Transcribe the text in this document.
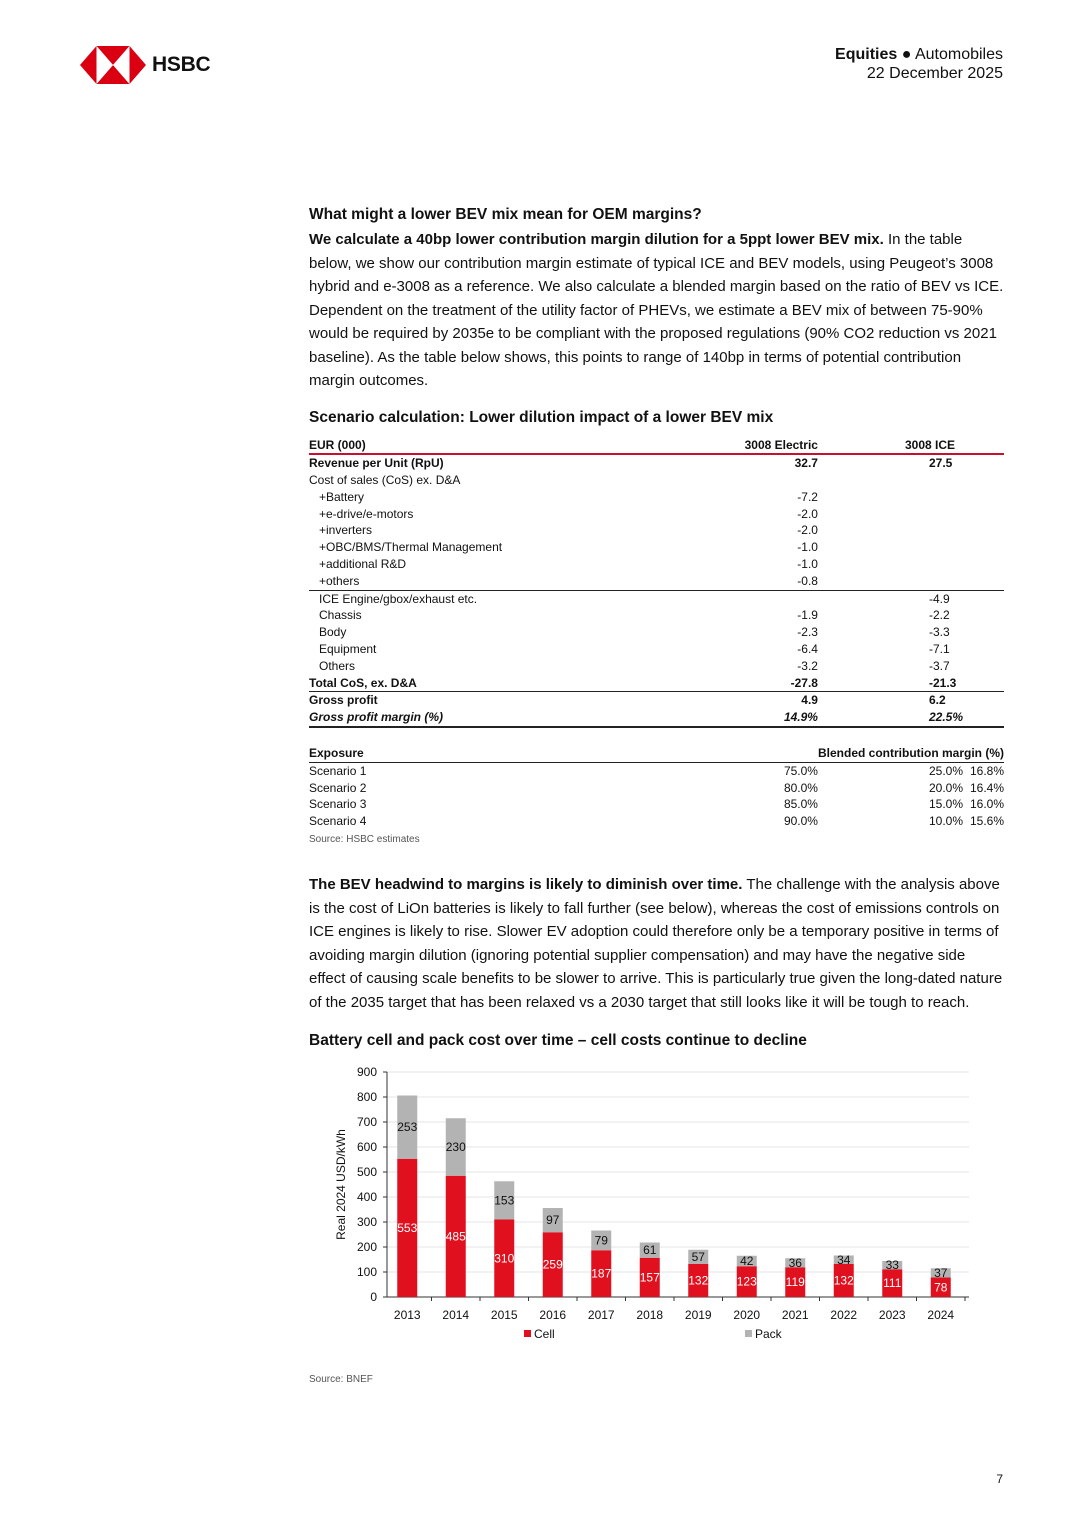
HSBC	Equities ● Automobiles
22 December 2025
What might a lower BEV mix mean for OEM margins?

We calculate a 40bp lower contribution margin dilution for a 5ppt lower BEV mix. In the table below, we show our contribution margin estimate of typical ICE and BEV models, using Peugeot’s 3008 hybrid and e-3008 as a reference. We also calculate a blended margin based on the ratio of BEV vs ICE. Dependent on the treatment of the utility factor of PHEVs, we estimate a BEV mix of between 75-90% would be required by 2035e to be compliant with the proposed regulations (90% CO2 reduction vs 2021 baseline). As the table below shows, this points to range of 140bp in terms of potential contribution margin outcomes.

Scenario calculation: Lower dilution impact of a lower BEV mix
EUR (000)		3008 Electric	3008 ICE
Revenue per Unit (RpU)		32.7	27.5
Cost of sales (CoS) ex. D&A			
+Battery		-7.2	
+e-drive/e-motors		-2.0	
+inverters		-2.0	
+OBC/BMS/Thermal Management		-1.0	
+additional R&D		-1.0	
+others		-0.8	
ICE Engine/gbox/exhaust etc.			-4.9
Chassis		-1.9	-2.2
Body		-2.3	-3.3
Equipment		-6.4	-7.1
Others		-3.2	-3.7
Total CoS, ex. D&A		-27.8	-21.3
Gross profit		4.9	6.2
Gross profit margin (%)		14.9%	22.5%

Exposure			Blended contribution margin (%)
Scenario 1		75.0%	25.0% 16.8%
Scenario 2		80.0%	20.0% 16.4%
Scenario 3		85.0%	15.0% 16.0%
Scenario 4		90.0%	10.0% 15.6%
Source: HSBC estimates

The BEV headwind to margins is likely to diminish over time. The challenge with the analysis above is the cost of LiOn batteries is likely to fall further (see below), whereas the cost of emissions controls on ICE engines is likely to rise. Slower EV adoption could therefore only be a temporary positive in terms of avoiding margin dilution (ignoring potential supplier compensation) and may have the negative side effect of causing scale benefits to be slower to arrive. This is particularly true given the long-dated nature of the 2035 target that has been relaxed vs a 2030 target that still looks like it will be tough to reach.

Battery cell and pack cost over time – cell costs continue to decline
0
100
200
300
400
500
600
700
800
900
Real 2024 USD/kWh	553
253
2013
485
230
2014
310
153
2015
259
97
2016
187
79
2017
157
61
2018
132
57
2019
123
42
2020
119
36
2021
132
34
2022
111
33
2023
78
37
2024
Cell	Pack
Source: BNEF
7
